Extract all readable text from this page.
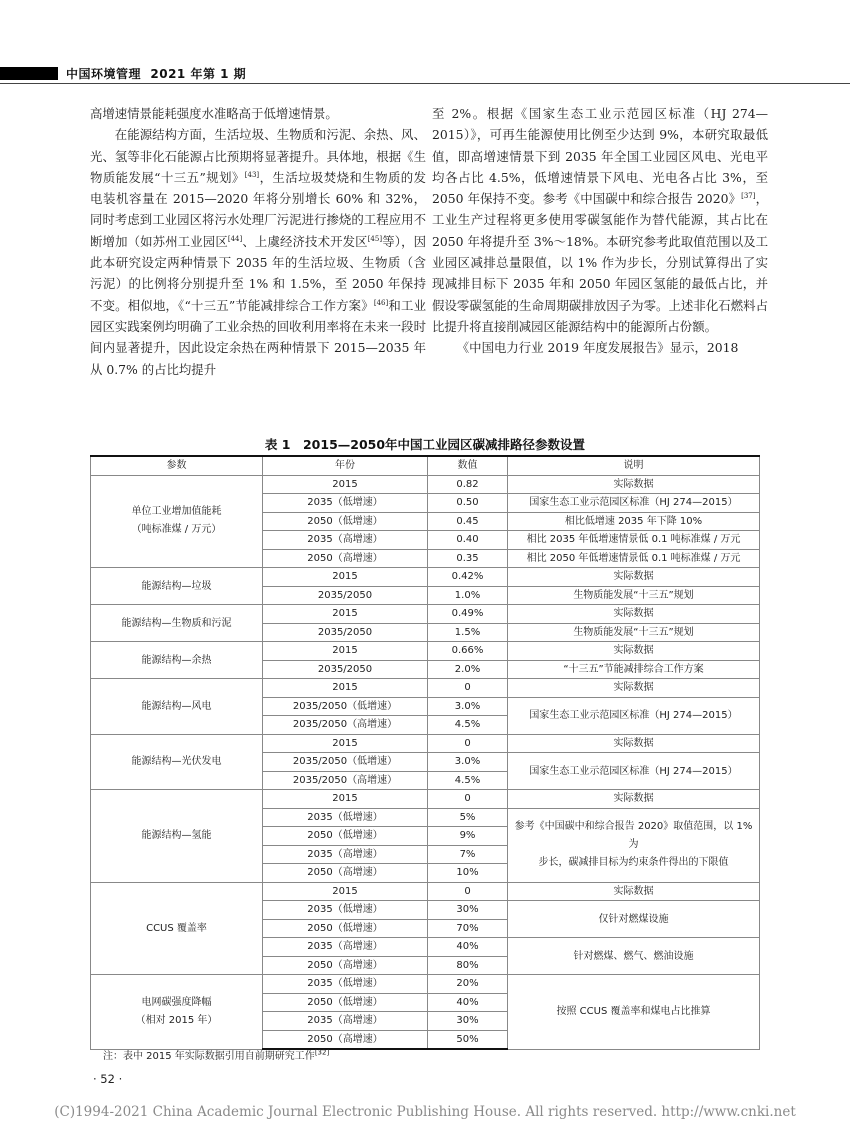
中国环境管理 2021 年第 1 期

高增速情景能耗强度水准略高于低增速情景。

在能源结构方面，生活垃圾、生物质和污泥、余热、风、光、氢等非化石能源占比预期将显著提升。具体地，根据《生物质能发展“十三五”规划》[43]，生活垃圾焚烧和生物质的发电装机容量在 2015—2020 年将分别增长 60% 和 32%，同时考虑到工业园区将污水处理厂污泥进行掺烧的工程应用不断增加（如苏州工业园区[44]、上虞经济技术开发区[45]等），因此本研究设定两种情景下 2035 年的生活垃圾、生物质（含污泥）的比例将分别提升至 1% 和 1.5%，至 2050 年保持不变。相似地，《“十三五”节能减排综合工作方案》[46]和工业园区实践案例均明确了工业余热的回收利用率将在未来一段时间内显著提升，因此设定余热在两种情景下 2015—2035 年从 0.7% 的占比均提升

至 2%。根据《国家生态工业示范园区标准（HJ 274—2015）》，可再生能源使用比例至少达到 9%，本研究取最低值，即高增速情景下到 2035 年全国工业园区风电、光电平均各占比 4.5%，低增速情景下风电、光电各占比 3%，至 2050 年保持不变。参考《中国碳中和综合报告 2020》[37]，工业生产过程将更多使用零碳氢能作为替代能源，其占比在 2050 年将提升至 3%～18%。本研究参考此取值范围以及工业园区减排总量限值，以 1% 作为步长，分别试算得出了实现减排目标下 2035 年和 2050 年园区氢能的最低占比，并假设零碳氢能的生命周期碳排放因子为零。上述非化石燃料占比提升将直接削减园区能源结构中的能源所占份额。

《中国电力行业 2019 年度发展报告》显示，2018

表 1　2015—2050年中国工业园区碳减排路径参数设置
参数	年份	数值	说明
单位工业增加值能耗
（吨标准煤 / 万元）	2015	0.82	实际数据
	2035（低增速）	0.50	国家生态工业示范园区标准（HJ 274—2015）
	2050（低增速）	0.45	相比低增速 2035 年下降 10%
	2035（高增速）	0.40	相比 2035 年低增速情景低 0.1 吨标准煤 / 万元
	2050（高增速）	0.35	相比 2050 年低增速情景低 0.1 吨标准煤 / 万元
能源结构—垃圾	2015	0.42%	实际数据
	2035/2050	1.0%	生物质能发展“十三五”规划
能源结构—生物质和污泥	2015	0.49%	实际数据
	2035/2050	1.5%	生物质能发展“十三五”规划
能源结构—余热	2015	0.66%	实际数据
	2035/2050	2.0%	“十三五”节能减排综合工作方案
能源结构—风电	2015	0	实际数据
	2035/2050（低增速）	3.0%	国家生态工业示范园区标准（HJ 274—2015）
	2035/2050（高增速）	4.5%	
能源结构—光伏发电	2015	0	实际数据
	2035/2050（低增速）	3.0%	国家生态工业示范园区标准（HJ 274—2015）
	2035/2050（高增速）	4.5%	
能源结构—氢能	2015	0	实际数据
	2035（低增速）	5%	参考《中国碳中和综合报告 2020》取值范围，以 1% 为
步长，碳减排目标为约束条件得出的下限值
	2050（低增速）	9%	
	2035（高增速）	7%	
	2050（高增速）	10%	
CCUS 覆盖率	2015	0	实际数据
	2035（低增速）	30%	仅针对燃煤设施
	2050（低增速）	70%	
	2035（高增速）	40%	针对燃煤、燃气、燃油设施
	2050（高增速）	80%	
电网碳强度降幅
（相对 2015 年）	2035（低增速）	20%	按照 CCUS 覆盖率和煤电占比推算
	2050（低增速）	40%	
	2035（高增速）	30%	
	2050（高增速）	50%	
注：表中 2015 年实际数据引用自前期研究工作[32]
· 52 ·
(C)1994-2021 China Academic Journal Electronic Publishing House. All rights reserved. http://www.cnki.net
